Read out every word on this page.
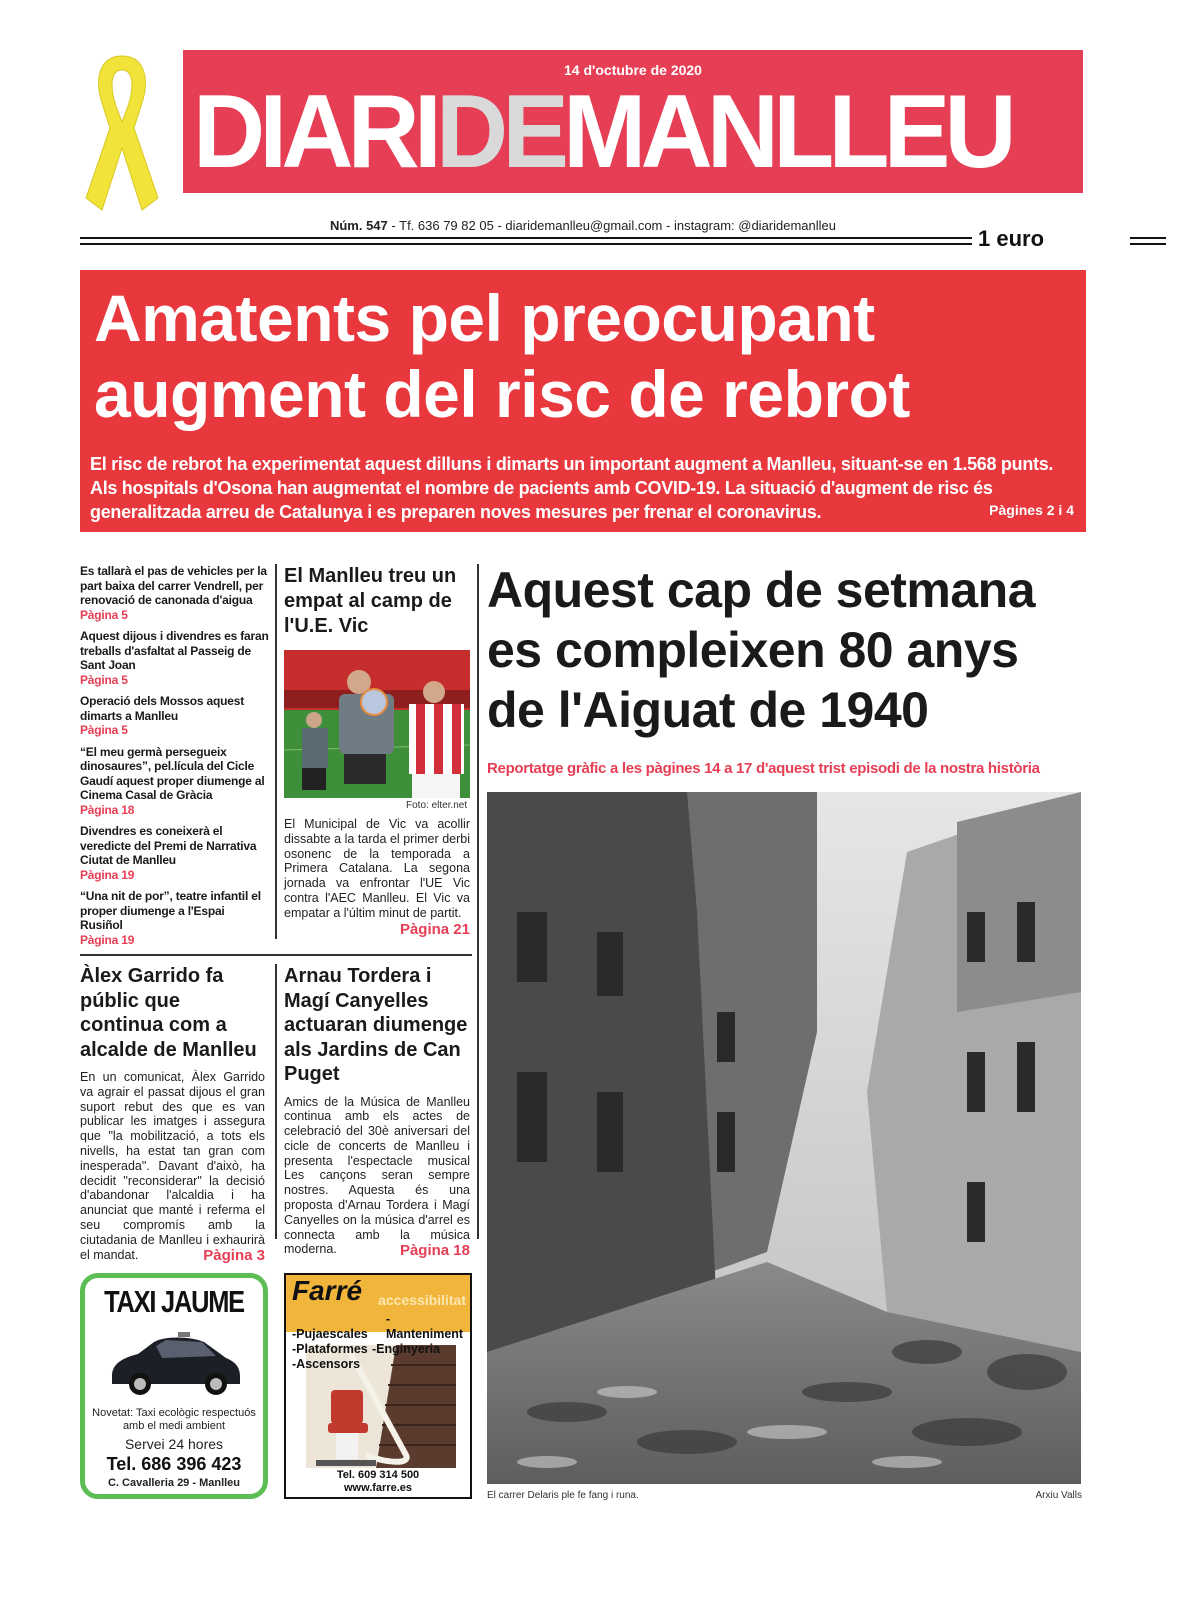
14 d'octubre de 2020
DIARIDEMANLLEU
Núm. 547 - Tf. 636 79 82 05 - diaridemanlleu@gmail.com - instagram: @diaridemanlleu
1 euro
Amatents pel preocupant
augment del risc de rebrot

El risc de rebrot ha experimentat aquest dilluns i dimarts un important augment a Manlleu, situant-se en 1.568 punts. Als hospitals d'Osona han augmentat el nombre de pacients amb COVID-19. La situació d'augment de risc és generalitzada arreu de Catalunya i es preparen noves mesures per frenar el coronavirus.	Pàgines 2 i 4
Es tallarà el pas de vehicles per la part baixa del carrer Vendrell, per renovació de canonada d'aigua
Pàgina 5
Aquest dijous i divendres es faran treballs d'asfaltat al Passeig de Sant Joan
Pàgina 5
Operació dels Mossos aquest dimarts a Manlleu
Pàgina 5
“El meu germà persegueix dinosaures”, pel.lícula del Cicle Gaudí aquest proper diumenge al Cinema Casal de Gràcia
Pàgina 18
Divendres es coneixerà el veredicte del Premi de Narrativa Ciutat de Manlleu
Pàgina 19
“Una nit de por”, teatre infantil el proper diumenge a l'Espai Rusiñol
Pàgina 19
El Manlleu treu un empat al camp de l'U.E. Vic
Foto: elter.net

El Municipal de Vic va acollir dissabte a la tarda el primer derbi osonenc de la temporada a Primera Catalana. La segona jornada va enfrontar l'UE Vic contra l'AEC Manlleu. El Vic va empatar a l'últim minut de partit.

Pàgina 21
Àlex Garrido fa públic que continua com a alcalde de Manlleu

En un comunicat, Àlex Garrido va agrair el passat dijous el gran suport rebut des que es van publicar les imatges i assegura que "la mobilització, a tots els nivells, ha estat tan gran com inesperada". Davant d'això, ha decidit "reconsiderar" la decisió d'abandonar l'alcaldia i ha anunciat que manté i referma el seu compromís amb la ciutadania de Manlleu i exhaurirà el mandat.	Pàgina 3
Arnau Tordera i Magí Canyelles actuaran diumenge als Jardins de Can Puget

Amics de la Música de Manlleu continua amb els actes de celebració del 30è aniversari del cicle de concerts de Manlleu i presenta l'espectacle musical Les cançons seran sempre nostres. Aquesta és una proposta d'Arnau Tordera i Magí Canyelles on la música d'arrel es connecta amb la música moderna.	Pàgina 18
TAXI JAUME
Novetat: Taxi ecològic respectuós amb el medi ambient
Servei 24 hores
Tel. 686 396 423
C. Cavalleria 29 - Manlleu
Farré accessibilitat
-Pujaescales-Manteniment
-Plataformes -Enginyeria
-Ascensors
Tel. 609 314 500
www.farre.es
Aquest cap de setmana es compleixen 80 anys de l'Aiguat de 1940
Reportatge gràfic a les pàgines 14 a 17 d'aquest trist episodi de la nostra història
El carrer Delaris ple fe fang i runa.	Arxiu Valls
